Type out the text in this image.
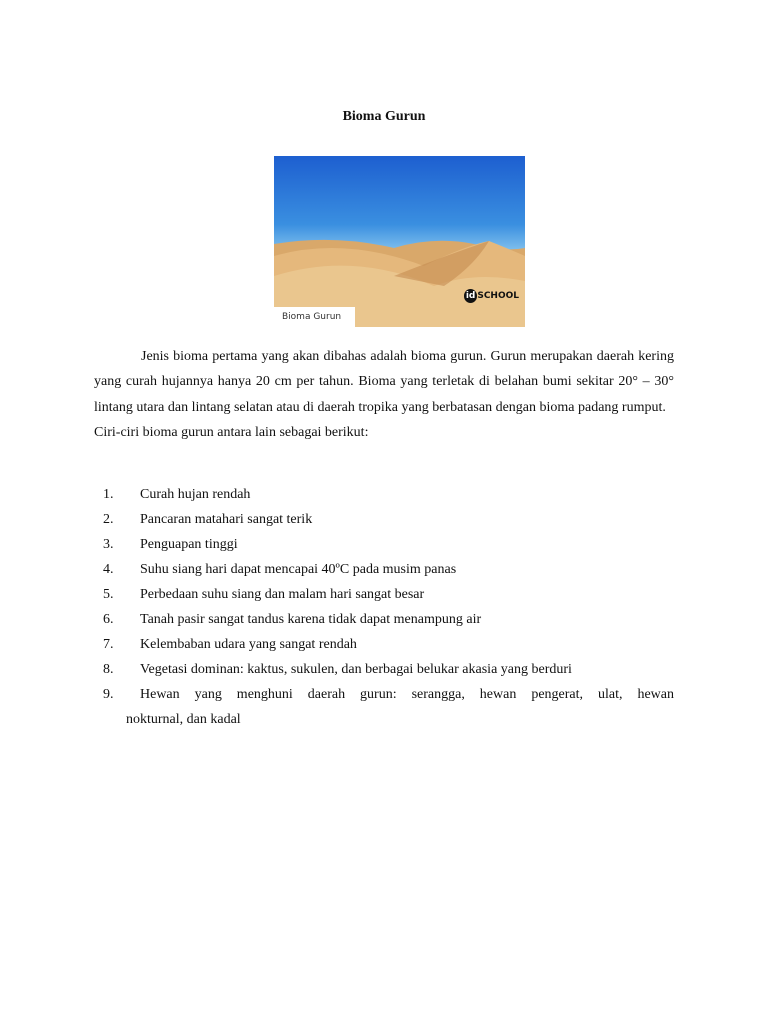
Bioma Gurun
id SCHOOL
Bioma Gurun

Jenis bioma pertama yang akan dibahas adalah bioma gurun. Gurun merupakan daerah kering yang curah hujannya hanya 20 cm per tahun. Bioma yang terletak di belahan bumi sekitar 20° – 30° lintang utara dan lintang selatan atau di daerah tropika yang berbatasan dengan bioma padang rumput.

Ciri-ciri bioma gurun antara lain sebagai berikut:

1. Curah hujan rendah
2. Pancaran matahari sangat terik
3. Penguapan tinggi
4. Suhu siang hari dapat mencapai 40ºC pada musim panas
5. Perbedaan suhu siang dan malam hari sangat besar
6. Tanah pasir sangat tandus karena tidak dapat menampung air
7. Kelembaban udara yang sangat rendah
8. Vegetasi dominan: kaktus, sukulen, dan berbagai belukar akasia yang berduri
9. Hewan yang menghuni daerah gurun: serangga, hewan pengerat, ulat, hewan
nokturnal, dan kadal
